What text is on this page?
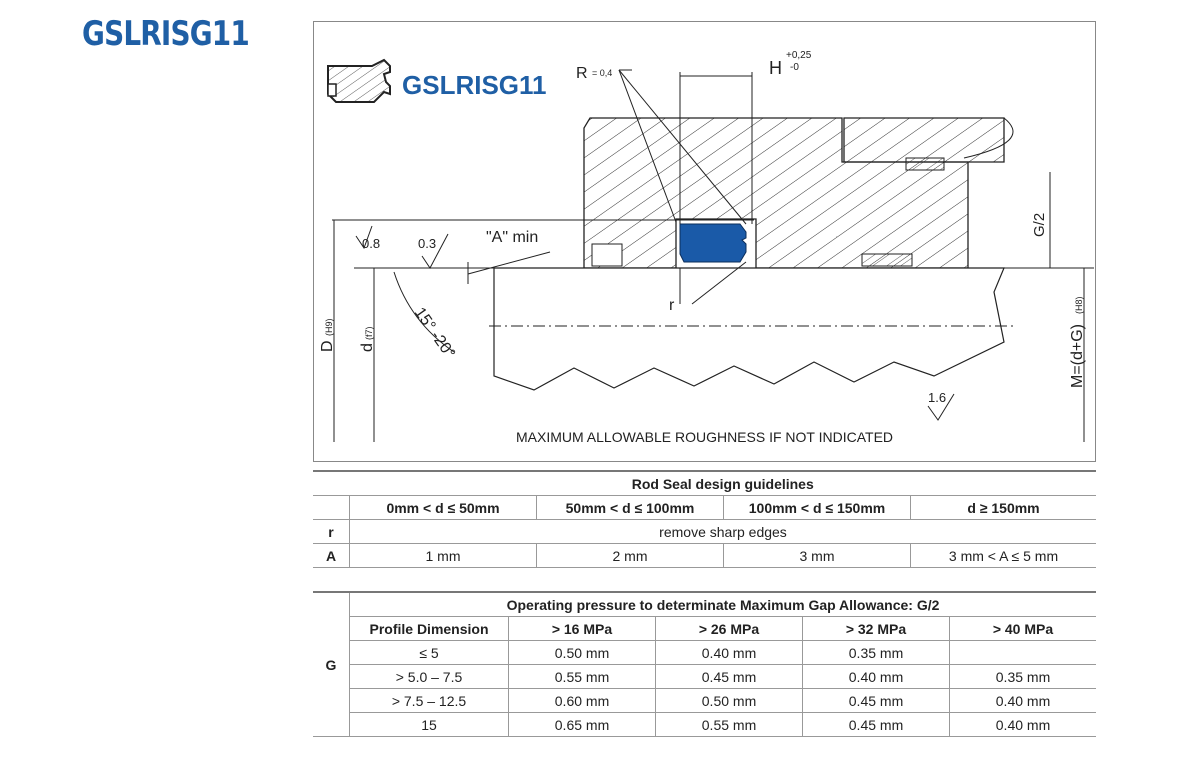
GSLRISG11
GSLRISG11
H
+0,25
-0
R = 0,4
r
0.8	0.3
1.6
"A" min
G/2
15° -20°
D
(H9)
d
(f7)	M=(d+G)
(H8)
MAXIMUM ALLOWABLE ROUGHNESS IF NOT INDICATED
	Rod Seal design guidelines			
	0mm < d ≤ 50mm	50mm < d ≤ 100mm	100mm < d ≤ 150mm	d ≥ 150mm
r	remove sharp edges			
A	1 mm	2 mm	3 mm	3 mm < A ≤ 5 mm
G	Operating pressure to determinate Maximum Gap Allowance: G/2				
	Profile Dimension	> 16 MPa	> 26 MPa	> 32 MPa	> 40 MPa
	≤ 5	0.50 mm	0.40 mm	0.35 mm	
	> 5.0 – 7.5	0.55 mm	0.45 mm	0.40 mm	0.35 mm
	> 7.5 – 12.5	0.60 mm	0.50 mm	0.45 mm	0.40 mm
	15	0.65 mm	0.55 mm	0.45 mm	0.40 mm
